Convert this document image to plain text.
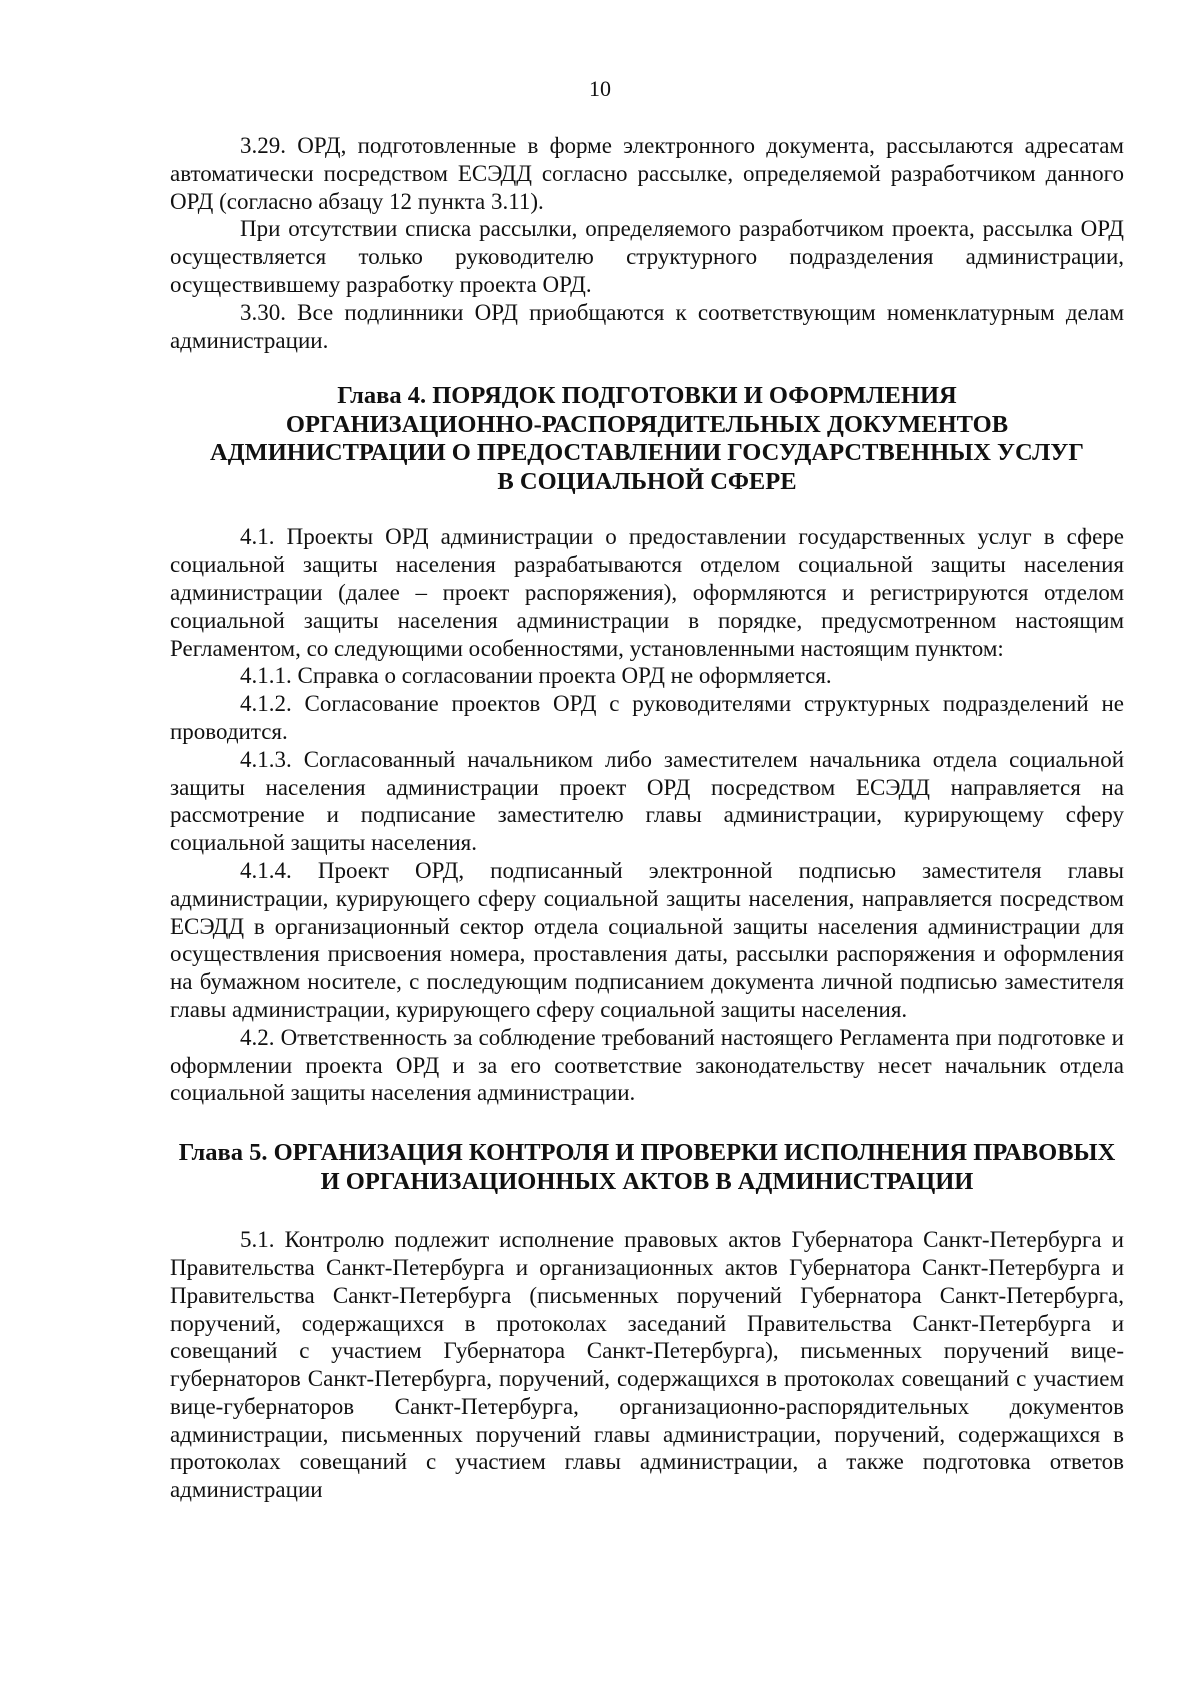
10

3.29. ОРД, подготовленные в форме электронного документа, рассылаются адресатам автоматически посредством ЕСЭДД согласно рассылке, определяемой разработчиком данного ОРД (согласно абзацу 12 пункта 3.11).

При отсутствии списка рассылки, определяемого разработчиком проекта, рассылка ОРД осуществляется только руководителю структурного подразделения администрации, осуществившему разработку проекта ОРД.

3.30. Все подлинники ОРД приобщаются к соответствующим номенклатурным делам администрации.

Глава 4. ПОРЯДОК ПОДГОТОВКИ И ОФОРМЛЕНИЯ
ОРГАНИЗАЦИОННО-РАСПОРЯДИТЕЛЬНЫХ ДОКУМЕНТОВ
АДМИНИСТРАЦИИ О ПРЕДОСТАВЛЕНИИ ГОСУДАРСТВЕННЫХ УСЛУГ
В СОЦИАЛЬНОЙ СФЕРЕ

4.1. Проекты ОРД администрации о предоставлении государственных услуг в сфере социальной защиты населения разрабатываются отделом социальной защиты населения администрации (далее – проект распоряжения), оформляются и регистрируются отделом социальной защиты населения администрации в порядке, предусмотренном настоящим Регламентом, со следующими особенностями, установленными настоящим пунктом:

4.1.1. Справка о согласовании проекта ОРД не оформляется.

4.1.2. Согласование проектов ОРД с руководителями структурных подразделений не проводится.

4.1.3. Согласованный начальником либо заместителем начальника отдела социальной защиты населения администрации проект ОРД посредством ЕСЭДД направляется на рассмотрение и подписание заместителю главы администрации, курирующему сферу социальной защиты населения.

4.1.4. Проект ОРД, подписанный электронной подписью заместителя главы администрации, курирующего сферу социальной защиты населения, направляется посредством ЕСЭДД в организационный сектор отдела социальной защиты населения администрации для осуществления присвоения номера, проставления даты, рассылки распоряжения и оформления на бумажном носителе, с последующим подписанием документа личной подписью заместителя главы администрации, курирующего сферу социальной защиты населения.

4.2. Ответственность за соблюдение требований настоящего Регламента при подготовке и оформлении проекта ОРД и за его соответствие законодательству несет начальник отдела социальной защиты населения администрации.

Глава 5. ОРГАНИЗАЦИЯ КОНТРОЛЯ И ПРОВЕРКИ ИСПОЛНЕНИЯ ПРАВОВЫХ
И ОРГАНИЗАЦИОННЫХ АКТОВ В АДМИНИСТРАЦИИ

5.1. Контролю подлежит исполнение правовых актов Губернатора Санкт-Петербурга и Правительства Санкт-Петербурга и организационных актов Губернатора Санкт-Петербурга и Правительства Санкт-Петербурга (письменных поручений Губернатора Санкт-Петербурга, поручений, содержащихся в протоколах заседаний Правительства Санкт-Петербурга и совещаний с участием Губернатора Санкт-Петербурга), письменных поручений вице-губернаторов Санкт-Петербурга, поручений, содержащихся в протоколах совещаний с участием вице-губернаторов Санкт-Петербурга, организационно-распорядительных документов администрации, письменных поручений главы администрации, поручений, содержащихся в протоколах совещаний с участием главы администрации, а также подготовка ответов администрации
